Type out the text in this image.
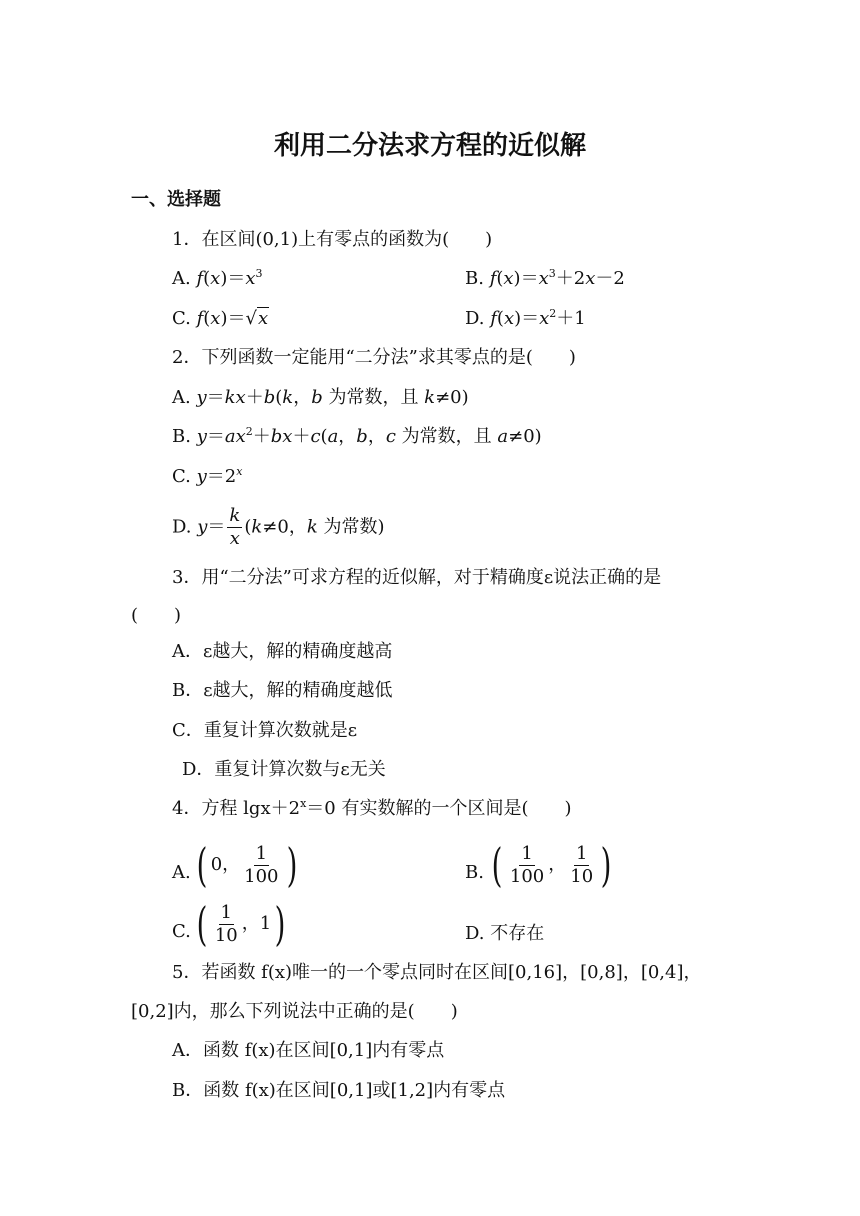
利用二分法求方程的近似解
一、选择题
1．在区间(0,1)上有零点的函数为(　　)
A. $f(x)=x^3$	B. $f(x)=x^3+2x-2$
C. f(x)＝√x	D. $f(x)=x^2+1$
2．下列函数一定能用“二分法”求其零点的是(　　)
A. y＝kx＋b(k，b 为常数，且 k≠0)
B. $y=ax^2+bx+c(a$，b，c 为常数，且 a≠0)
C. $y=2^x$
D. $y= \frac{k}{x} (k\ne 0$，k 为常数)
3．用“二分法”可求方程的近似解，对于精确度ε说法正确的是
(　　)
A．ε越大，解的精确度越高
B．ε越大，解的精确度越低
C．重复计算次数就是ε
D．重复计算次数与ε无关
4．方程 $\lg x+2^x=0$ 有实数解的一个区间是(　　)
A. ( 0 ， $\frac{1}{100}$ )	B. ( $\frac{1}{100}$ ， $\frac{1}{10}$ )
C. ( $\frac{1}{10}$ ， 1 )	D. 不存在
5．若函数 f(x)唯一的一个零点同时在区间[0,16]，[0,8]，[0,4]，
[0,2]内，那么下列说法中正确的是(　　)
A．函数 f(x)在区间[0,1]内有零点
B．函数 f(x)在区间[0,1]或[1,2]内有零点
